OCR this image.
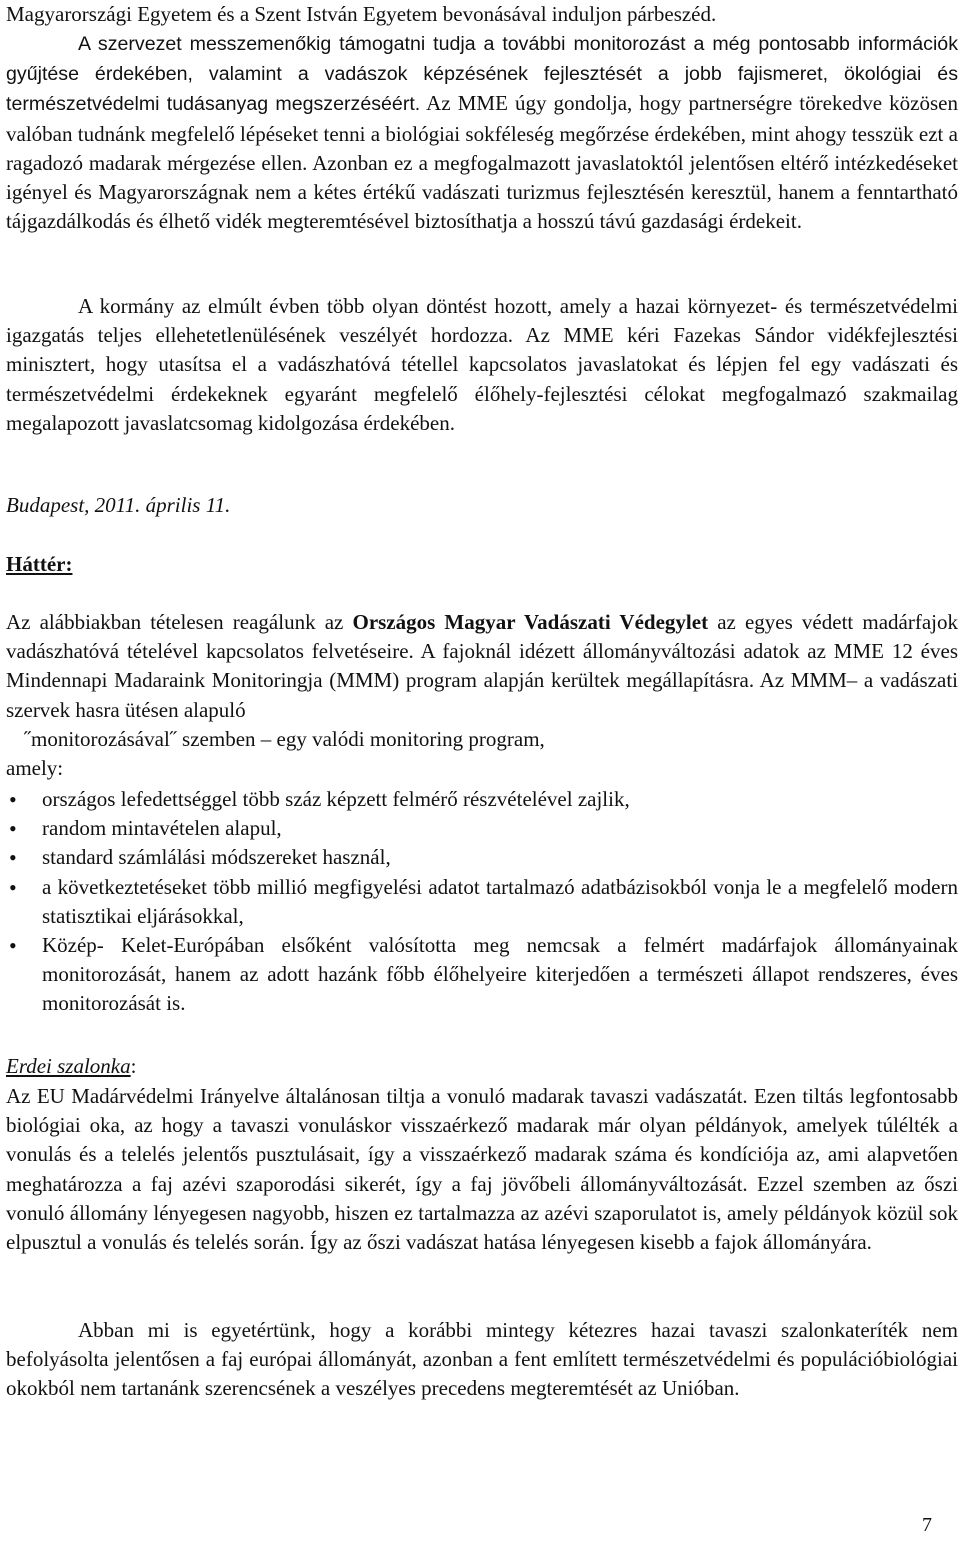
Magyarországi Egyetem és a Szent István Egyetem bevonásával induljon párbeszéd.

A szervezet messzemenőkig támogatni tudja a további monitorozást a még pontosabb információk gyűjtése érdekében, valamint a vadászok képzésének fejlesztését a jobb fajismeret, ökológiai és természetvédelmi tudásanyag megszerzéséért. Az MME úgy gondolja, hogy partnerségre törekedve közösen valóban tudnánk megfelelő lépéseket tenni a biológiai sokféleség megőrzése érdekében, mint ahogy tesszük ezt a ragadozó madarak mérgezése ellen. Azonban ez a megfogalmazott javaslatoktól jelentősen eltérő intézkedéseket igényel és Magyarországnak nem a kétes értékű vadászati turizmus fejlesztésén keresztül, hanem a fenntartható tájgazdálkodás és élhető vidék megteremtésével biztosíthatja a hosszú távú gazdasági érdekeit.

A kormány az elmúlt évben több olyan döntést hozott, amely a hazai környezet- és természetvédelmi igazgatás teljes ellehetetlenülésének veszélyét hordozza. Az MME kéri Fazekas Sándor vidékfejlesztési minisztert, hogy utasítsa el a vadászhatóvá tétellel kapcsolatos javaslatokat és lépjen fel egy vadászati és természetvédelmi érdekeknek egyaránt megfelelő élőhely-fejlesztési célokat megfogalmazó szakmailag megalapozott javaslatcsomag kidolgozása érdekében.

Budapest, 2011. április 11.

Háttér:

Az alábbiakban tételesen reagálunk az Országos Magyar Vadászati Védegylet az egyes védett madárfajok vadászhatóvá tételével kapcsolatos felvetéseire. A fajoknál idézett állományváltozási adatok az MME 12 éves Mindennapi Madaraink Monitoringja (MMM) program alapján kerültek megállapításra. Az MMM– a vadászati szervek hasra ütésen alapuló
˝monitorozásával˝ szemben – egy valódi monitoring program,

amely:

• országos lefedettséggel több száz képzett felmérő részvételével zajlik,
• random mintavételen alapul,
• standard számlálási módszereket használ,
• a következtetéseket több millió megfigyelési adatot tartalmazó adatbázisokból vonja le a megfelelő modern statisztikai eljárásokkal,
• Közép- Kelet-Európában elsőként valósította meg nemcsak a felmért madárfajok állományainak monitorozását, hanem az adott hazánk főbb élőhelyeire kiterjedően a természeti állapot rendszeres, éves monitorozását is.

Erdei szalonka:

Az EU Madárvédelmi Irányelve általánosan tiltja a vonuló madarak tavaszi vadászatát. Ezen tiltás legfontosabb biológiai oka, az hogy a tavaszi vonuláskor visszaérkező madarak már olyan példányok, amelyek túlélték a vonulás és a telelés jelentős pusztulásait, így a visszaérkező madarak száma és kondíciója az, ami alapvetően meghatározza a faj azévi szaporodási sikerét, így a faj jövőbeli állományváltozását. Ezzel szemben az őszi vonuló állomány lényegesen nagyobb, hiszen ez tartalmazza az azévi szaporulatot is, amely példányok közül sok elpusztul a vonulás és telelés során. Így az őszi vadászat hatása lényegesen kisebb a fajok állományára.

Abban mi is egyetértünk, hogy a korábbi mintegy kétezres hazai tavaszi szalonkateríték nem befolyásolta jelentősen a faj európai állományát, azonban a fent említett természetvédelmi és populációbiológiai okokból nem tartanánk szerencsének a veszélyes precedens megteremtését az Unióban.

7
